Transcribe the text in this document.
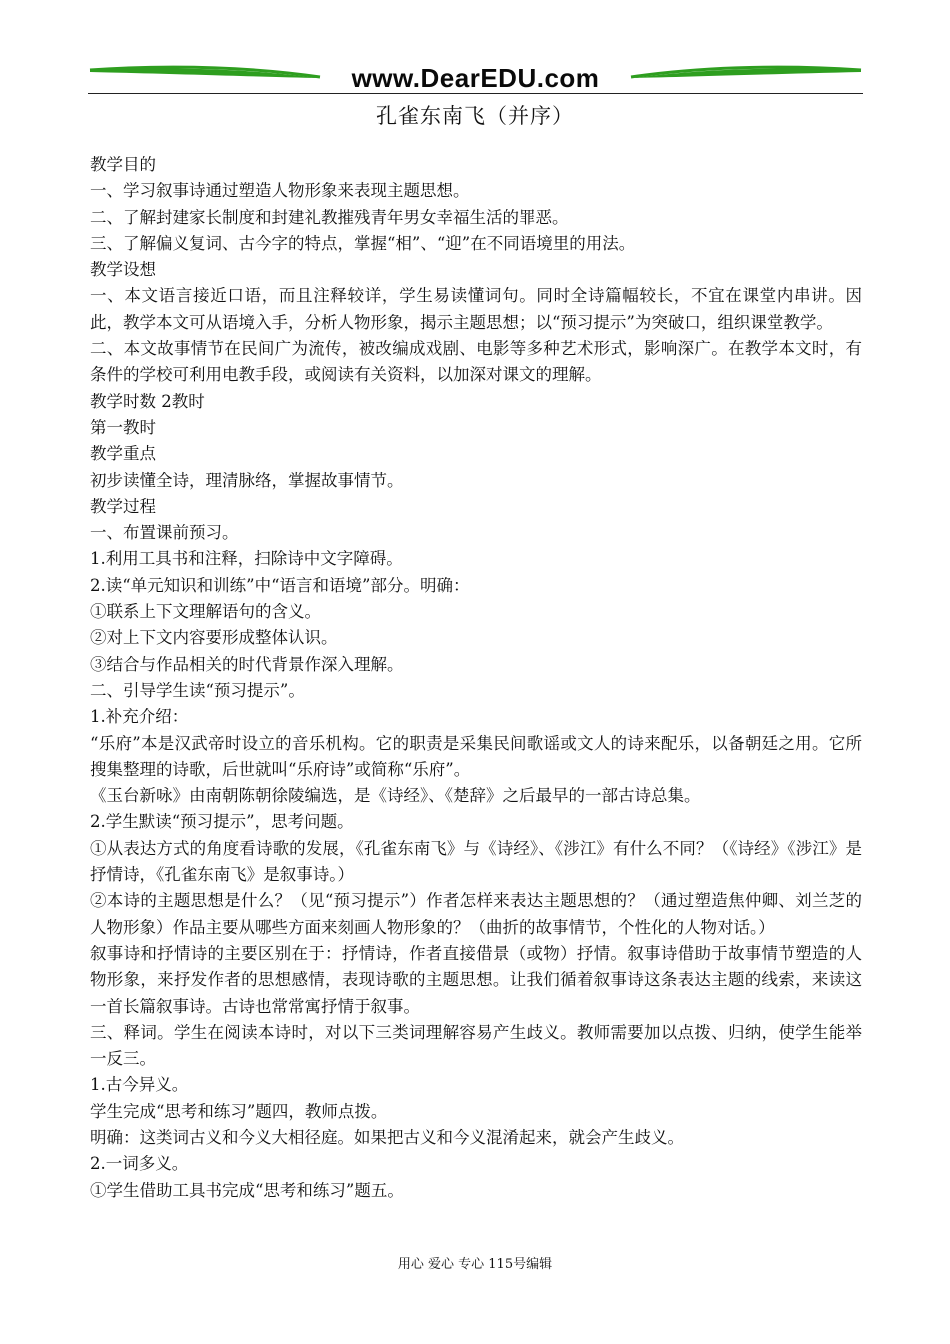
www.DearEDU.com
孔雀东南飞（并序）

教学目的

一、学习叙事诗通过塑造人物形象来表现主题思想。

二、了解封建家长制度和封建礼教摧残青年男女幸福生活的罪恶。

三、了解偏义复词、古今字的特点，掌握“相”、“迎”在不同语境里的用法。

教学设想

一、本文语言接近口语，而且注释较详，学生易读懂词句。同时全诗篇幅较长，不宜在课堂内串讲。因此，教学本文可从语境入手，分析人物形象，揭示主题思想；以“预习提示”为突破口，组织课堂教学。

二、本文故事情节在民间广为流传，被改编成戏剧、电影等多种艺术形式，影响深广。在教学本文时，有条件的学校可利用电教手段，或阅读有关资料，以加深对课文的理解。

教学时数 2教时

第一教时

教学重点

初步读懂全诗，理清脉络，掌握故事情节。

教学过程

一、布置课前预习。

1.利用工具书和注释，扫除诗中文字障碍。

2.读“单元知识和训练”中“语言和语境”部分。明确：

①联系上下文理解语句的含义。

②对上下文内容要形成整体认识。

③结合与作品相关的时代背景作深入理解。

二、引导学生读“预习提示”。

1.补充介绍：

“乐府”本是汉武帝时设立的音乐机构。它的职责是采集民间歌谣或文人的诗来配乐，以备朝廷之用。它所搜集整理的诗歌，后世就叫“乐府诗”或简称“乐府”。

《玉台新咏》由南朝陈朝徐陵编选，是《诗经》、《楚辞》之后最早的一部古诗总集。

2.学生默读“预习提示”，思考问题。

①从表达方式的角度看诗歌的发展，《孔雀东南飞》与《诗经》、《涉江》有什么不同？（《诗经》《涉江》是抒情诗，《孔雀东南飞》是叙事诗。）

②本诗的主题思想是什么？（见“预习提示”）作者怎样来表达主题思想的？（通过塑造焦仲卿、刘兰芝的人物形象）作品主要从哪些方面来刻画人物形象的？（曲折的故事情节，个性化的人物对话。）

叙事诗和抒情诗的主要区别在于：抒情诗，作者直接借景（或物）抒情。叙事诗借助于故事情节塑造的人物形象，来抒发作者的思想感情，表现诗歌的主题思想。让我们循着叙事诗这条表达主题的线索，来读这一首长篇叙事诗。古诗也常常寓抒情于叙事。

三、释词。学生在阅读本诗时，对以下三类词理解容易产生歧义。教师需要加以点拨、归纳，使学生能举一反三。

1.古今异义。

学生完成“思考和练习”题四，教师点拨。

明确：这类词古义和今义大相径庭。如果把古义和今义混淆起来，就会产生歧义。

2.一词多义。

①学生借助工具书完成“思考和练习”题五。

用心 爱心 专心 115号编辑
